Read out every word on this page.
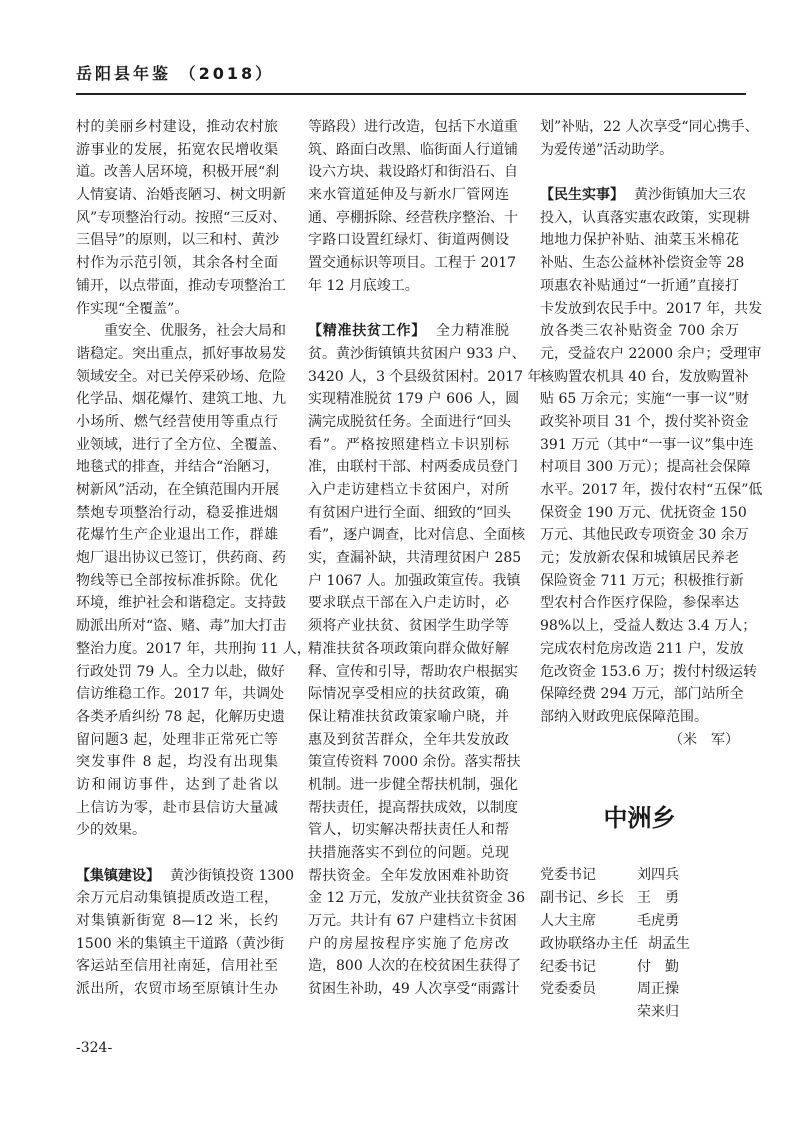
岳阳县年鉴 （2018）
村的美丽乡村建设，推动农村旅
游事业的发展，拓宽农民增收渠
道。改善人居环境，积极开展“刹
人情宴请、治婚丧陋习、树文明新
风”专项整治行动。按照“三反对、
三倡导”的原则，以三和村、黄沙
村作为示范引领，其余各村全面
铺开，以点带面，推动专项整治工
作实现“全覆盖”。
　　重安全、优服务，社会大局和
谐稳定。突出重点，抓好事故易发
领域安全。对已关停采砂场、危险
化学品、烟花爆竹、建筑工地、九
小场所、燃气经营使用等重点行
业领域，进行了全方位、全覆盖、
地毯式的排查，并结合“治陋习，
树新风”活动，在全镇范围内开展
禁炮专项整治行动，稳妥推进烟
花爆竹生产企业退出工作，群雄
炮厂退出协议已签订，供药商、药
物线等已全部按标准拆除。优化
环境，维护社会和谐稳定。支持鼓
励派出所对“盗、赌、毒”加大打击
整治力度。2017 年，共刑拘 11 人，
行政处罚 79 人。全力以赴，做好
信访维稳工作。2017 年，共调处
各类矛盾纠纷 78 起，化解历史遗
留问题3 起，处理非正常死亡等
突发事件 8 起，均没有出现集
访和闹访事件，达到了赴省以
上信访为零，赴市县信访大量减
少的效果。
【集镇建设】 黄沙街镇投资 1300
余万元启动集镇提质改造工程，
对集镇新街宽 8—12 米，长约
1500 米的集镇主干道路（黄沙街
客运站至信用社南延，信用社至
派出所，农贸市场至原镇计生办
等路段）进行改造，包括下水道重
筑、路面白改黑、临街面人行道铺
设六方块、栽设路灯和街沿石、自
来水管道延伸及与新水厂管网连
通、亭棚拆除、经营秩序整治、十
字路口设置红绿灯、街道两侧设
置交通标识等项目。工程于 2017
年 12 月底竣工。
【精准扶贫工作】 全力精准脱
贫。黄沙街镇镇共贫困户 933 户、
3420 人，3 个县级贫困村。2017 年
实现精准脱贫 179 户 606 人，圆
满完成脱贫任务。全面进行“回头
看”。严格按照建档立卡识别标
准，由联村干部、村两委成员登门
入户走访建档立卡贫困户，对所
有贫困户进行全面、细致的“回头
看”，逐户调查，比对信息、全面核
实，查漏补缺，共清理贫困户 285
户 1067 人。加强政策宣传。我镇
要求联点干部在入户走访时，必
须将产业扶贫、贫困学生助学等
精准扶贫各项政策向群众做好解
释、宣传和引导，帮助农户根据实
际情况享受相应的扶贫政策，确
保让精准扶贫政策家喻户晓，并
惠及到贫苦群众，全年共发放政
策宣传资料 7000 余份。落实帮扶
机制。进一步健全帮扶机制，强化
帮扶责任，提高帮扶成效，以制度
管人，切实解决帮扶责任人和帮
扶措施落实不到位的问题。兑现
帮扶资金。全年发放困难补助资
金 12 万元，发放产业扶贫资金 36
万元。共计有 67 户建档立卡贫困
户的房屋按程序实施了危房改
造，800 人次的在校贫困生获得了
贫困生补助，49 人次享受“雨露计
划”补贴，22 人次享受“同心携手、
为爱传递”活动助学。
【民生实事】 黄沙街镇加大三农
投入，认真落实惠农政策，实现耕
地地力保护补贴、油菜玉米棉花
补贴、生态公益林补偿资金等 28
项惠农补贴通过“一折通”直接打
卡发放到农民手中。2017 年，共发
放各类三农补贴资金 700 余万
元，受益农户 22000 余户；受理审
核购置农机具 40 台，发放购置补
贴 65 万余元；实施“一事一议”财
政奖补项目 31 个，拨付奖补资金
391 万元（其中“一事一议”集中连
村项目 300 万元）；提高社会保障
水平。2017 年，拨付农村“五保”低
保资金 190 万元、优抚资金 150
万元、其他民政专项资金 30 余万
元；发放新农保和城镇居民养老
保险资金 711 万元；积极推行新
型农村合作医疗保险，参保率达
98%以上，受益人数达 3.4 万人；
完成农村危房改造 211 户，发放
危改资金 153.6 万；拨付村级运转
保障经费 294 万元，部门站所全
部纳入财政兜底保障范围。
（米　军）
中洲乡
党委书记	刘四兵
副书记、乡长 王　勇
人大主席	毛虎勇
政协联络办主任 胡孟生
纪委书记	付　勤
党委委员	周正操
荣来归
-324-
